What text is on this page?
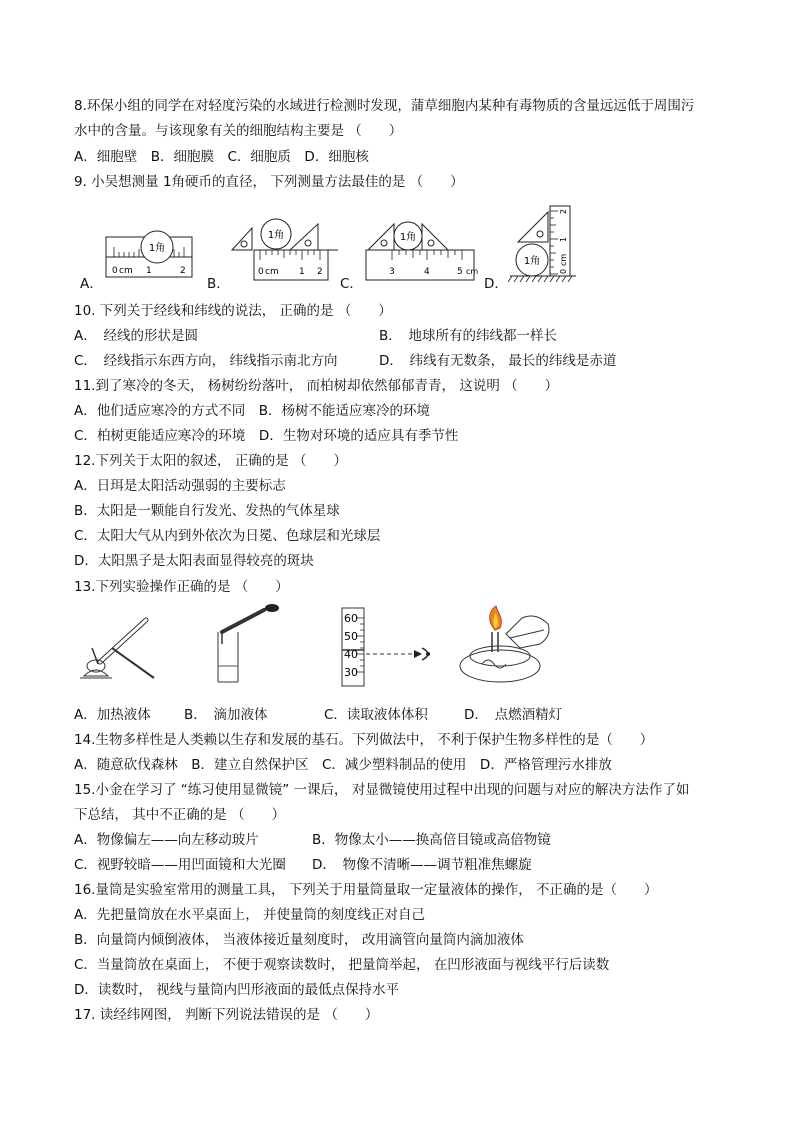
8.环保小组的同学在对轻度污染的水域进行检测时发现，蒲草细胞内某种有毒物质的含量远远低于周围污
水中的含量。与该现象有关的细胞结构主要是 （　　）
A．细胞壁　B．细胞膜　C．细胞质　D．细胞核
9. 小吴想测量 1角硬币的直径， 下列测量方法最佳的是 （　　）
A．
1角
0 cm 1	2
B．
1角
0 cm 1 2
C．
1角
3	4	5 cm
D．
1角
0
cm
1
2
10. 下列关于经线和纬线的说法， 正确的是 （　　）
A．　经线的形状是圆	B．　地球所有的纬线都一样长
C．　经线指示东西方向， 纬线指示南北方向	D．　纬线有无数条， 最长的纬线是赤道
11.到了寒冷的冬天， 杨树纷纷落叶， 而柏树却依然郁郁青青， 这说明 （　　）
A．他们适应寒冷的方式不同　B．杨树不能适应寒冷的环境
C．柏树更能适应寒冷的环境　D．生物对环境的适应具有季节性
12.下列关于太阳的叙述， 正确的是 （　　）
A．日珥是太阳活动强弱的主要标志
B．太阳是一颗能自行发光、发热的气体星球
C．太阳大气从内到外依次为日冕、色球层和光球层
D．太阳黑子是太阳表面显得较亮的斑块
13.下列实验操作正确的是 （　　）
60
50
40
30
A．加热液体 B．　滴加液体	C．读取液体体积	D．　点燃酒精灯
14.生物多样性是人类赖以生存和发展的基石。下列做法中， 不利于保护生物多样性的是（　　）
A．随意砍伐森林　B．建立自然保护区　C．减少塑料制品的使用　D．严格管理污水排放
15.小金在学习了 “练习使用显微镜” 一课后， 对显微镜使用过程中出现的问题与对应的解决方法作了如
下总结， 其中不正确的是 （　　）
A．物像偏左——向左移动玻片	B．物像太小——换高倍目镜或高倍物镜
C．视野较暗——用凹面镜和大光圈 D．　物像不清晰——调节粗准焦螺旋
16.量筒是实验室常用的测量工具， 下列关于用量筒量取一定量液体的操作， 不正确的是（　　）
A．先把量筒放在水平桌面上， 并使量筒的刻度线正对自己
B．向量筒内倾倒液体， 当液体接近量刻度时， 改用滴管向量筒内滴加液体
C．当量筒放在桌面上， 不便于观察读数时， 把量筒举起， 在凹形液面与视线平行后读数
D．读数时， 视线与量筒内凹形液面的最低点保持水平
17. 读经纬网图， 判断下列说法错误的是 （　　）
